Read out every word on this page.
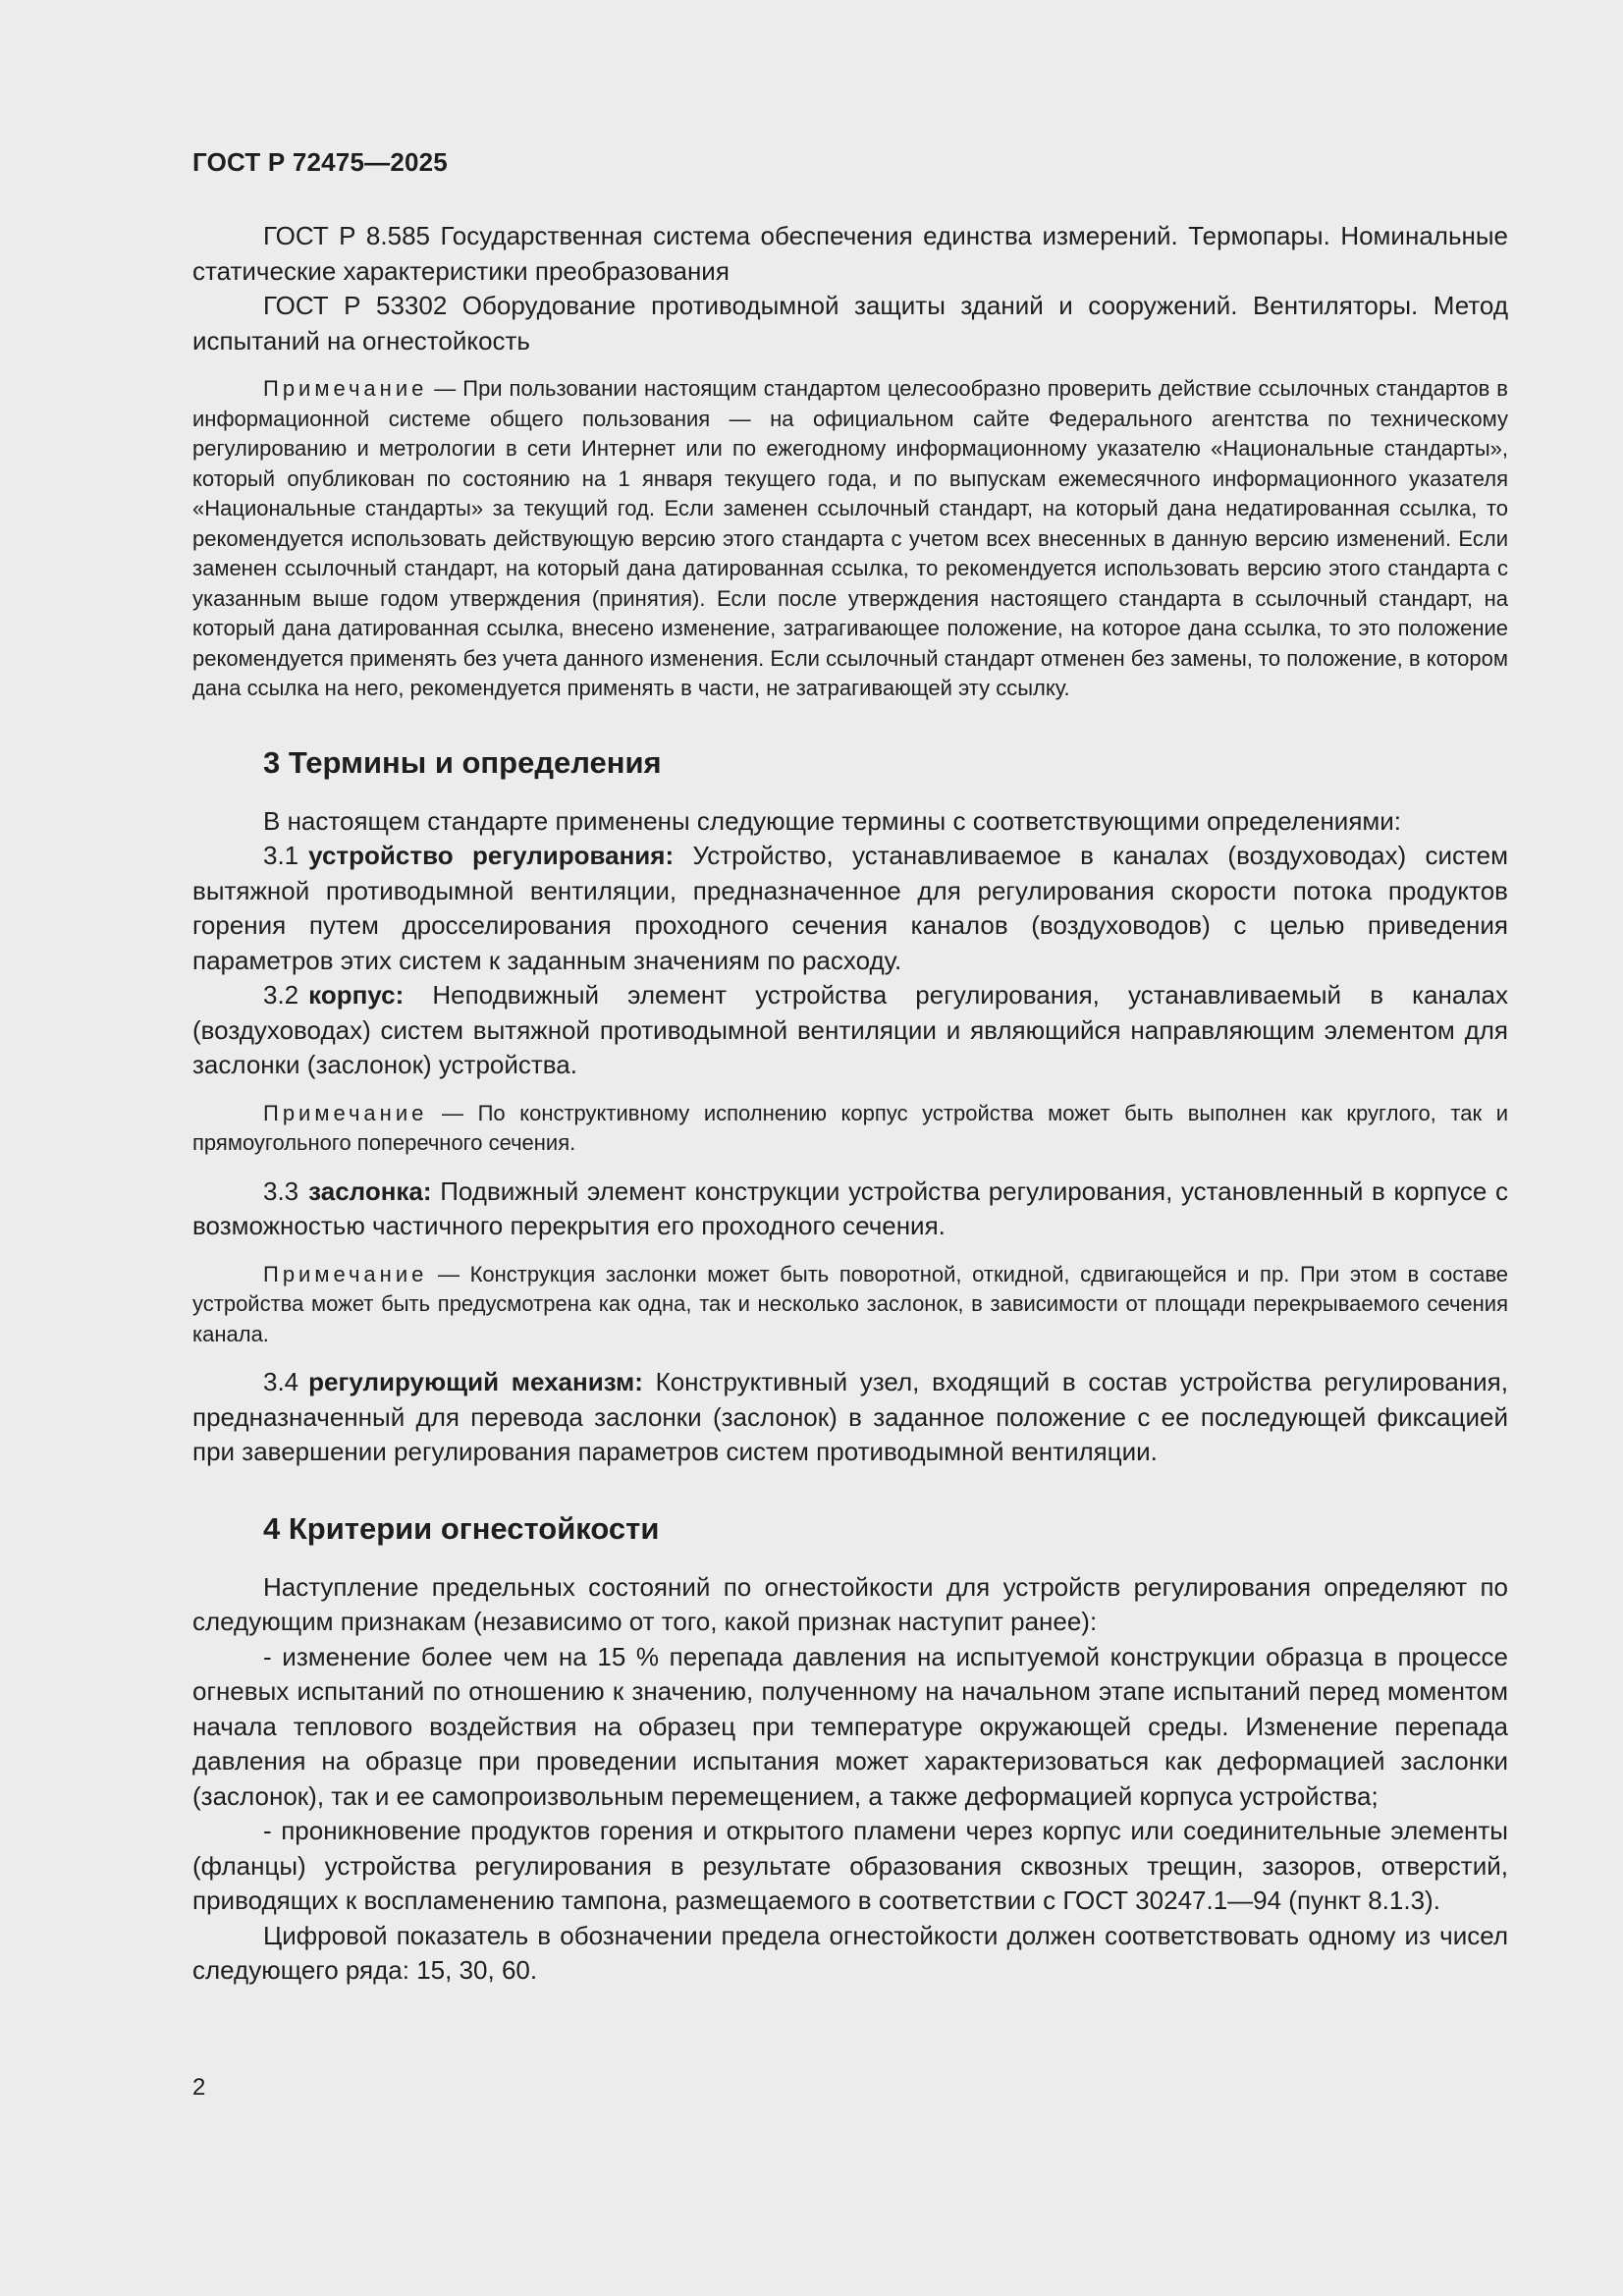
ГОСТ Р 72475—2025

ГОСТ Р 8.585 Государственная система обеспечения единства измерений. Термопары. Номинальные статические характеристики преобразования

ГОСТ Р 53302 Оборудование противодымной защиты зданий и сооружений. Вентиляторы. Метод испытаний на огнестойкость

Примечание — При пользовании настоящим стандартом целесообразно проверить действие ссылочных стандартов в информационной системе общего пользования — на официальном сайте Федерального агентства по техническому регулированию и метрологии в сети Интернет или по ежегодному информационному указателю «Национальные стандарты», который опубликован по состоянию на 1 января текущего года, и по выпускам ежемесячного информационного указателя «Национальные стандарты» за текущий год. Если заменен ссылочный стандарт, на который дана недатированная ссылка, то рекомендуется использовать действующую версию этого стандарта с учетом всех внесенных в данную версию изменений. Если заменен ссылочный стандарт, на который дана датированная ссылка, то рекомендуется использовать версию этого стандарта с указанным выше годом утверждения (принятия). Если после утверждения настоящего стандарта в ссылочный стандарт, на который дана датированная ссылка, внесено изменение, затрагивающее положение, на которое дана ссылка, то это положение рекомендуется применять без учета данного изменения. Если ссылочный стандарт отменен без замены, то положение, в котором дана ссылка на него, рекомендуется применять в части, не затрагивающей эту ссылку.

3 Термины и определения

В настоящем стандарте применены следующие термины с соответствующими определениями:

3.1 устройство регулирования: Устройство, устанавливаемое в каналах (воздуховодах) систем вытяжной противодымной вентиляции, предназначенное для регулирования скорости потока продуктов горения путем дросселирования проходного сечения каналов (воздуховодов) с целью приведения параметров этих систем к заданным значениям по расходу.

3.2 корпус: Неподвижный элемент устройства регулирования, устанавливаемый в каналах (воздуховодах) систем вытяжной противодымной вентиляции и являющийся направляющим элементом для заслонки (заслонок) устройства.

Примечание — По конструктивному исполнению корпус устройства может быть выполнен как круглого, так и прямоугольного поперечного сечения.

3.3 заслонка: Подвижный элемент конструкции устройства регулирования, установленный в корпусе с возможностью частичного перекрытия его проходного сечения.

Примечание — Конструкция заслонки может быть поворотной, откидной, сдвигающейся и пр. При этом в составе устройства может быть предусмотрена как одна, так и несколько заслонок, в зависимости от площади перекрываемого сечения канала.

3.4 регулирующий механизм: Конструктивный узел, входящий в состав устройства регулирования, предназначенный для перевода заслонки (заслонок) в заданное положение с ее последующей фиксацией при завершении регулирования параметров систем противодымной вентиляции.

4 Критерии огнестойкости

Наступление предельных состояний по огнестойкости для устройств регулирования определяют по следующим признакам (независимо от того, какой признак наступит ранее):

- изменение более чем на 15 % перепада давления на испытуемой конструкции образца в процессе огневых испытаний по отношению к значению, полученному на начальном этапе испытаний перед моментом начала теплового воздействия на образец при температуре окружающей среды. Изменение перепада давления на образце при проведении испытания может характеризоваться как деформацией заслонки (заслонок), так и ее самопроизвольным перемещением, а также деформацией корпуса устройства;

- проникновение продуктов горения и открытого пламени через корпус или соединительные элементы (фланцы) устройства регулирования в результате образования сквозных трещин, зазоров, отверстий, приводящих к воспламенению тампона, размещаемого в соответствии с ГОСТ 30247.1—94 (пункт 8.1.3).

Цифровой показатель в обозначении предела огнестойкости должен соответствовать одному из чисел следующего ряда: 15, 30, 60.

2
